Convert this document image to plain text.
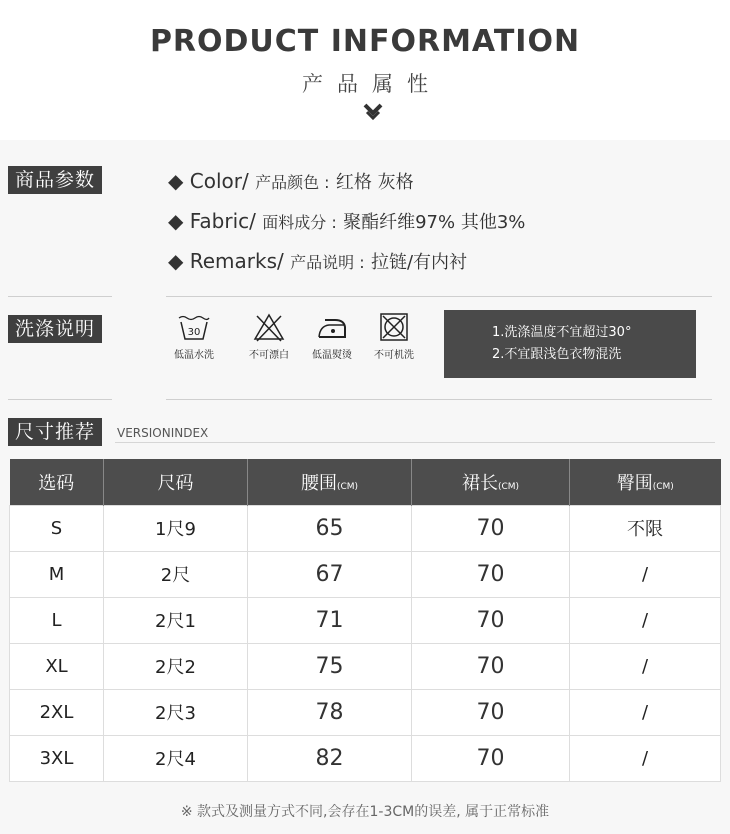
PRODUCT INFORMATION
产品属性
商品参数	◆ Color/ 产品颜色 : 红格 灰格
◆ Fabric/ 面料成分 : 聚酯纤维97% 其他3%
◆ Remarks/ 产品说明 : 拉链/有内衬
洗涤说明	30
低温水洗	不可漂白	低温熨烫	不可机洗
1.洗涤温度不宜超过30°
2.不宜跟浅色衣物混洗
尺寸推荐	VERSIONINDEX
选码	尺码	腰围(CM)	裙长(CM)	臀围(CM)
S	1尺9	65	70	不限
M	2尺	67	70	/
L	2尺1	71	70	/
XL	2尺2	75	70	/
2XL	2尺3	78	70	/
3XL	2尺4	82	70	/
※ 款式及测量方式不同,会存在1-3CM的误差, 属于正常标准
